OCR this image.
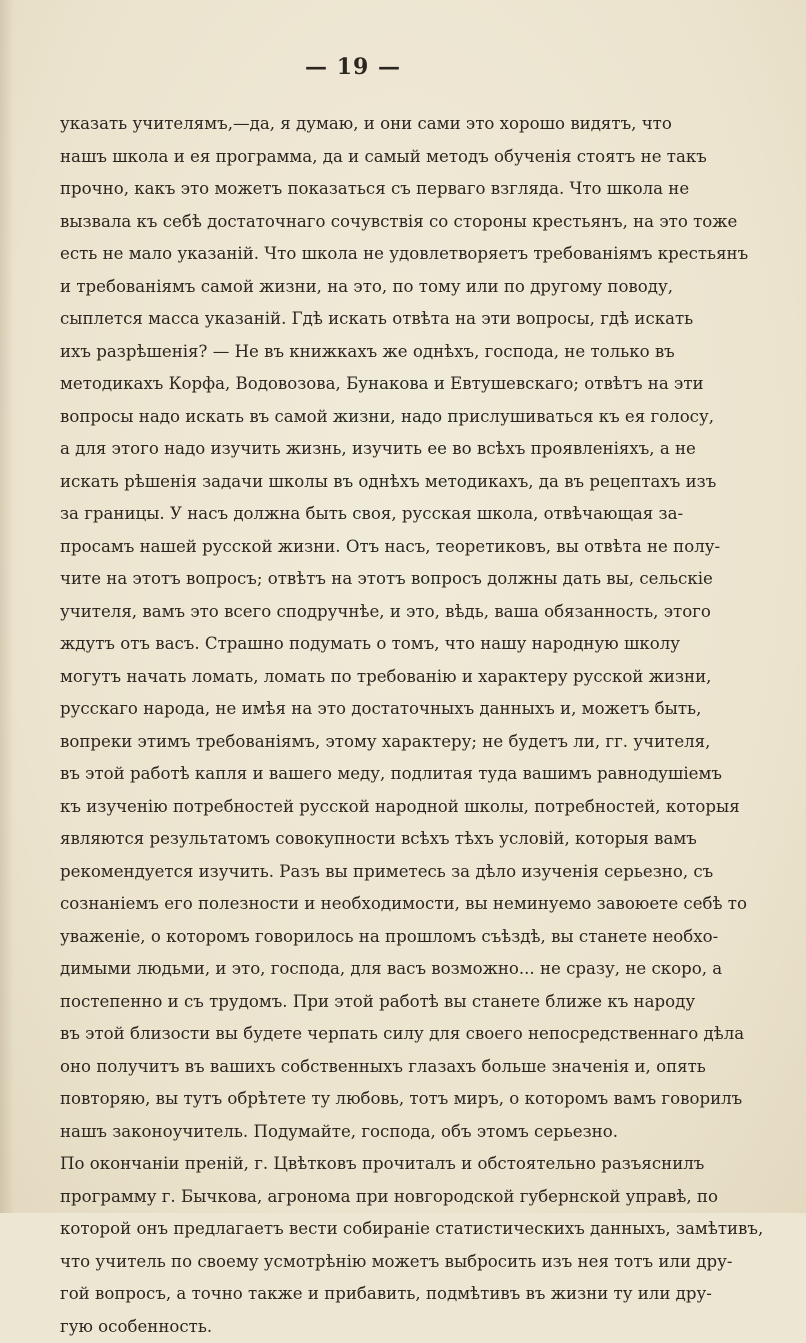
— 19 —
указать учителямъ,—да, я думаю, и они сами это хорошо видятъ, что
нашъ школа и ея программа, да и самый методъ обученія стоятъ не такъ
прочно, какъ это можетъ показаться съ перваго взгляда. Что школа не
вызвала къ себѣ достаточнаго сочувствія со стороны крестьянъ, на это тоже
есть не мало указаній. Что школа не удовлетворяетъ требованіямъ крестьянъ
и требованіямъ самой жизни, на это, по тому или по другому поводу,
сыплется масса указаній. Гдѣ искать отвѣта на эти вопросы, гдѣ искать
ихъ разрѣшенія? — Не въ книжкахъ же однѣхъ, господа, не только въ
методикахъ Корфа, Водовозова, Бунакова и Евтушевскаго; отвѣтъ на эти
вопросы надо искать въ самой жизни, надо прислушиваться къ ея голосу,
а для этого надо изучить жизнь, изучить ее во всѣхъ проявленіяхъ, а не
искать рѣшенія задачи школы въ однѣхъ методикахъ, да въ рецептахъ изъ
за границы. У насъ должна быть своя, русская школа, отвѣчающая за-
просамъ нашей русской жизни. Отъ насъ, теоретиковъ, вы отвѣта не полу-
чите на этотъ вопросъ; отвѣтъ на этотъ вопросъ должны дать вы, сельскіе
учителя, вамъ это всего сподручнѣе, и это, вѣдь, ваша обязанность, этого
ждутъ отъ васъ. Страшно подумать о томъ, что нашу народную школу
могутъ начать ломать, ломать по требованію и характеру русской жизни,
русскаго народа, не имѣя на это достаточныхъ данныхъ и, можетъ быть,
вопреки этимъ требованіямъ, этому характеру; не будетъ ли, гг. учителя,
въ этой работѣ капля и вашего меду, подлитая туда вашимъ равнодушіемъ
къ изученію потребностей русской народной школы, потребностей, которыя
являются результатомъ совокупности всѣхъ тѣхъ условій, которыя вамъ
рекомендуется изучить. Разъ вы приметесь за дѣло изученія серьезно, съ
сознаніемъ его полезности и необходимости, вы неминуемо завоюете себѣ то
уваженіе, о которомъ говорилось на прошломъ съѣздѣ, вы станете необхо-
димыми людьми, и это, господа, для васъ возможно... не сразу, не скоро, а
постепенно и съ трудомъ. При этой работѣ вы станете ближе къ народу
въ этой близости вы будете черпать силу для своего непосредственнаго дѣла
оно получитъ въ вашихъ собственныхъ глазахъ больше значенія и, опять
повторяю, вы тутъ обрѣтете ту любовь, тотъ миръ, о которомъ вамъ говорилъ
нашъ законоучитель. Подумайте, господа, объ этомъ серьезно.
По окончаніи преній, г. Цвѣтковъ прочиталъ и обстоятельно разъяснилъ
программу г. Бычкова, агронома при новгородской губернской управѣ, по
которой онъ предлагаетъ вести собираніе статистическихъ данныхъ, замѣтивъ,
что учитель по своему усмотрѣнію можетъ выбросить изъ нея тотъ или дру-
гой вопросъ, а точно также и прибавить, подмѣтивъ въ жизни ту или дру-
гую особенность.
